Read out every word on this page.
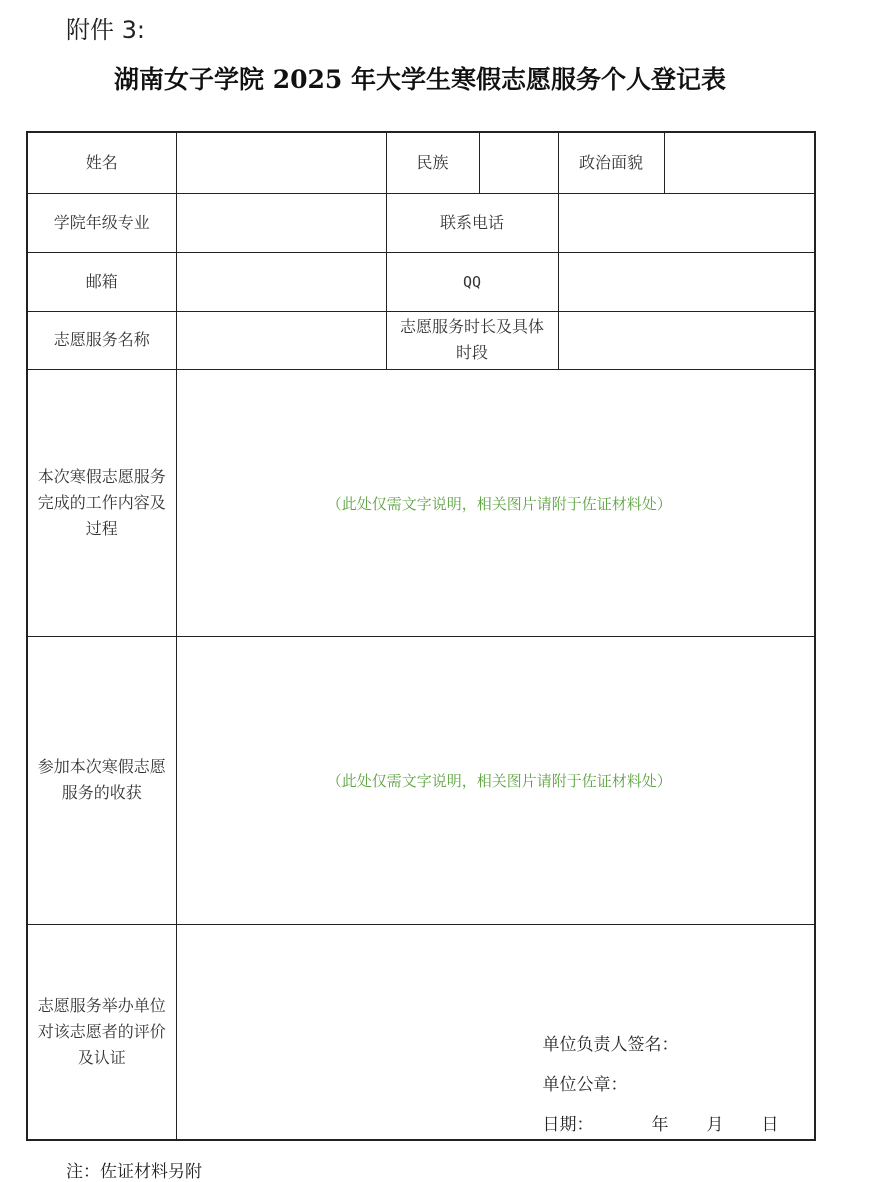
附件 3:
湖南女子学院 2025 年大学生寒假志愿服务个人登记表
姓名		民族		政治面貌	
学院年级专业		联系电话			
邮箱		QQ			
志愿服务名称		志愿服务时长及具体时段			
本次寒假志愿服务完成的工作内容及过程	（此处仅需文字说明，相关图片请附于佐证材料处）				

参加本次寒假志愿服务的收获	（此处仅需文字说明，相关图片请附于佐证材料处）				

志愿服务举办单位对该志愿者的评价及认证	单位负责人签名：
单位公章：
日期： 年 月 日				
注：佐证材料另附
